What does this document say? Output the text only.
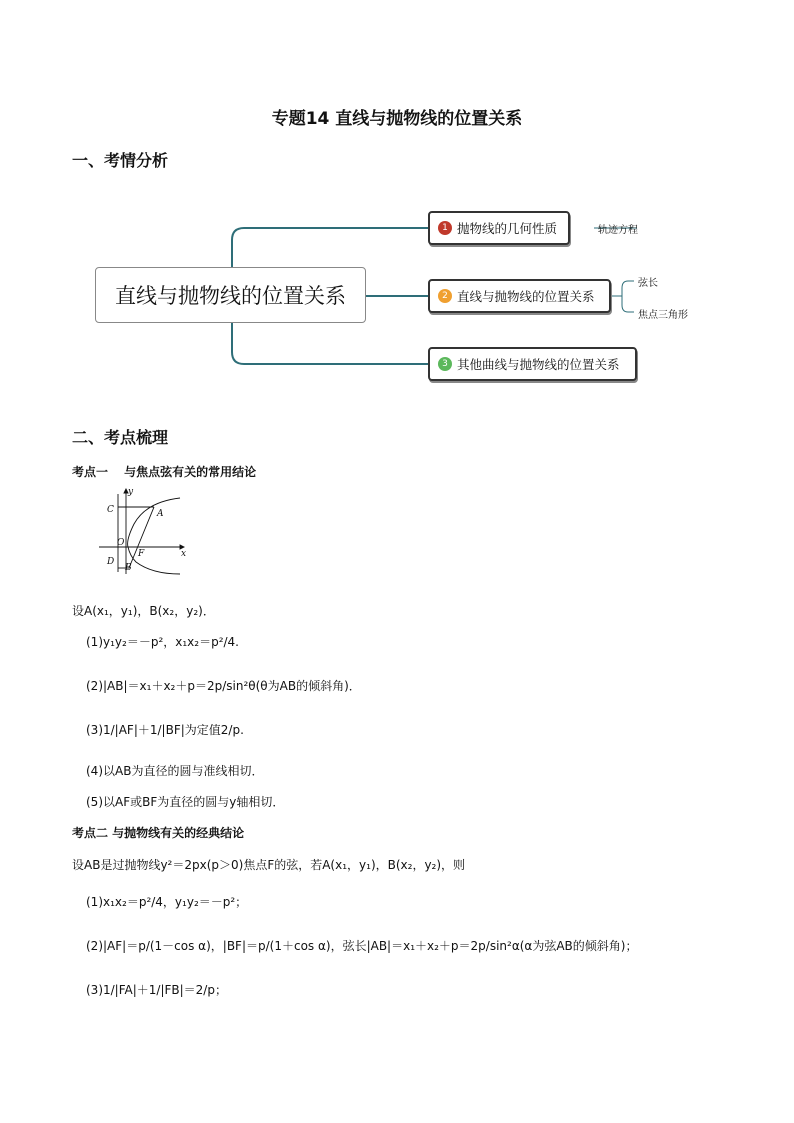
专题14 直线与抛物线的位置关系
一、考情分析
直线与抛物线的位置关系
1 抛物线的几何性质
2 直线与抛物线的位置关系
3 其他曲线与抛物线的位置关系
轨迹方程
弦长
焦点三角形
二、考点梳理
考点一　 与焦点弦有关的常用结论
y
x
C	A
O
F
D
B
设A(x₁，y₁)，B(x₂，y₂)．
(1)y₁y₂＝－p²，x₁x₂＝p²/4.
(2)|AB|＝x₁＋x₂＋p＝2p/sin²θ(θ为AB的倾斜角)．
(3)1/|AF|＋1/|BF|为定值2/p.
(4)以AB为直径的圆与准线相切．
(5)以AF或BF为直径的圆与y轴相切．
考点二 与抛物线有关的经典结论
设AB是过抛物线y²＝2px(p＞0)焦点F的弦，若A(x₁，y₁)，B(x₂，y₂)，则
(1)x₁x₂＝p²/4，y₁y₂＝－p²；
(2)|AF|＝p/(1－cos α)，|BF|＝p/(1＋cos α)，弦长|AB|＝x₁＋x₂＋p＝2p/sin²α(α为弦AB的倾斜角)；
(3)1/|FA|＋1/|FB|＝2/p；
